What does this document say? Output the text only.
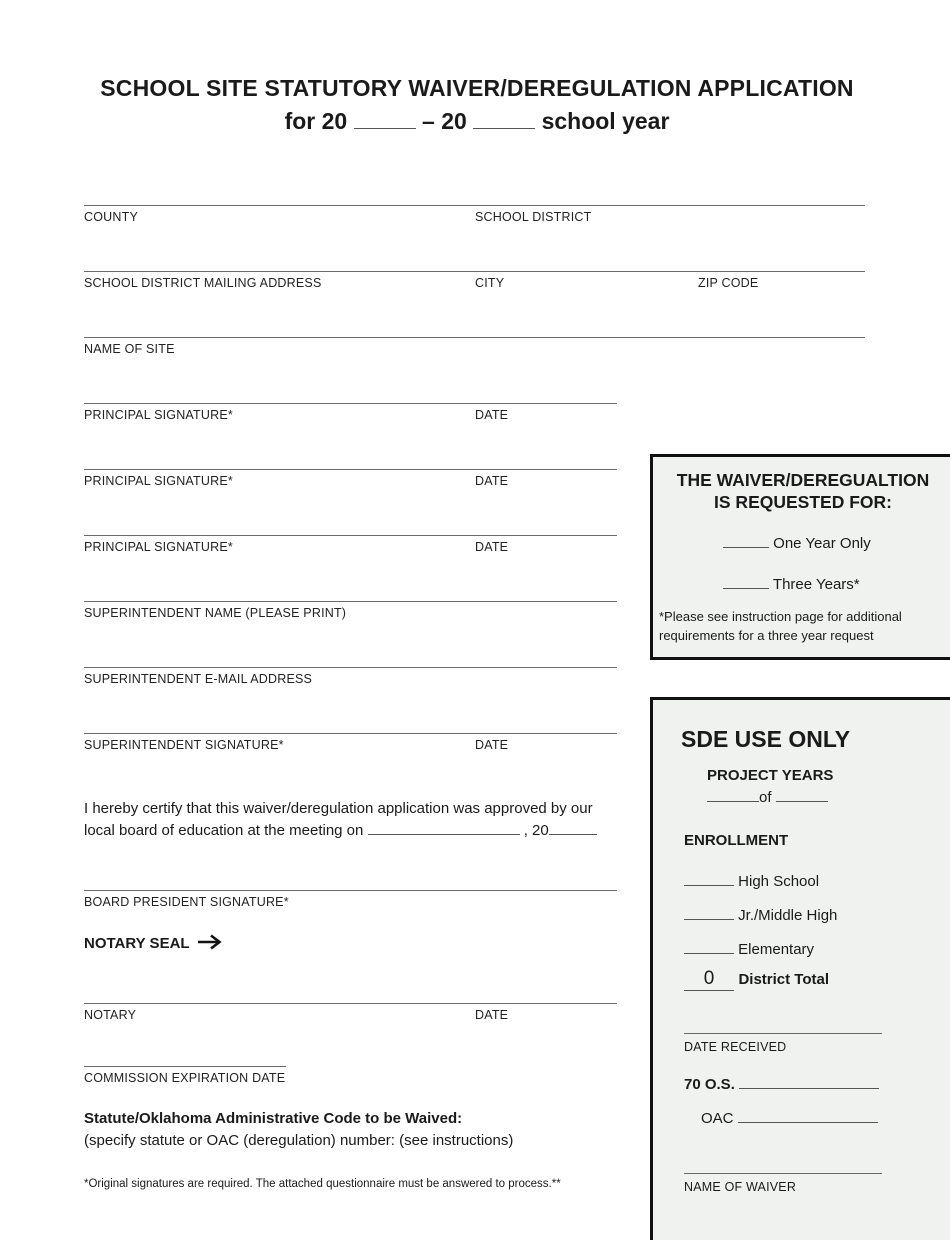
SCHOOL SITE STATUTORY WAIVER/DEREGULATION APPLICATION
for 20	– 20	school year
COUNTY	SCHOOL DISTRICT
SCHOOL DISTRICT MAILING ADDRESS	CITY	ZIP CODE
NAME OF SITE
PRINCIPAL SIGNATURE*	DATE
PRINCIPAL SIGNATURE*	DATE
PRINCIPAL SIGNATURE*	DATE
SUPERINTENDENT NAME (PLEASE PRINT)
SUPERINTENDENT E-MAIL ADDRESS
SUPERINTENDENT SIGNATURE*	DATE
I hereby certify that this waiver/deregulation application was approved by our
local board of education at the meeting on	, 20
BOARD PRESIDENT SIGNATURE*
NOTARY SEAL
NOTARY	DATE
COMMISSION EXPIRATION DATE
Statute/Oklahoma Administrative Code to be Waived:
(specify statute or OAC (deregulation) number: (see instructions)
*Original signatures are required. The attached questionnaire must be answered to process.**
THE WAIVER/DEREGUALTION
IS REQUESTED FOR:
One Year Only
Three Years*
*Please see instruction page for additional requirements for a three year request
SDE USE ONLY
PROJECT YEARS
of
ENROLLMENT
High School
Jr./Middle High
Elementary
0 District Total
DATE RECEIVED
70 O.S.
OAC
NAME OF WAIVER
